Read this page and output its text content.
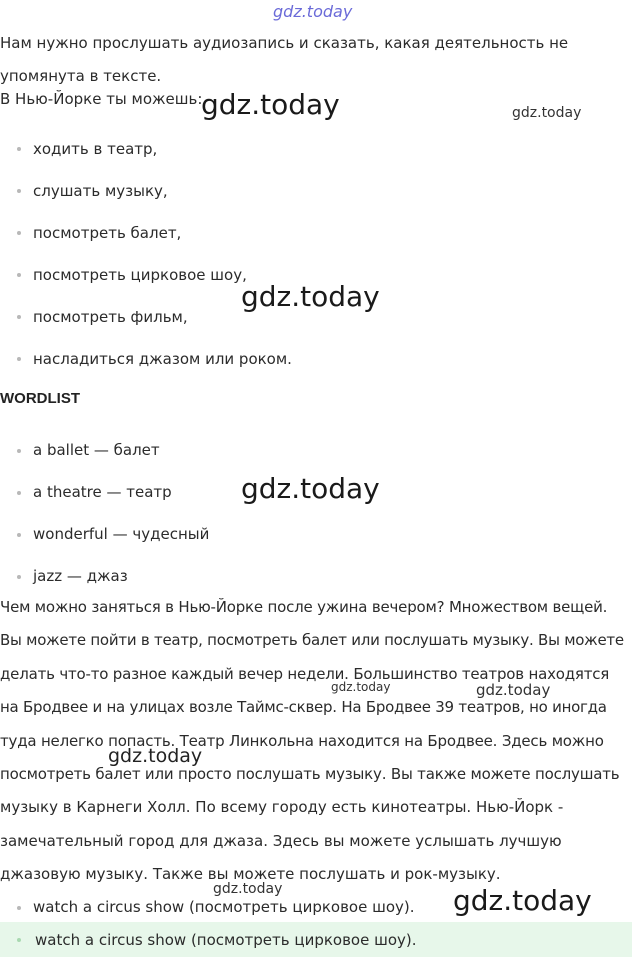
gdz.today
gdz.today	gdz.today
gdz.today
gdz.today
gdz.today	gdz.today
gdz.today
gdz.today	gdz.today
Нам нужно прослушать аудиозапись и сказать, какая деятельность не
упомянута в тексте.
В Нью-Йорке ты можешь:
ходить в театр,
слушать музыку,
посмотреть балет,
посмотреть цирковое шоу,
посмотреть фильм,
насладиться джазом или роком.
WORDLIST
a ballet — балет
a theatre — театр
wonderful — чудесный
jazz — джаз
Чем можно заняться в Нью-Йорке после ужина вечером? Множеством вещей.
Вы можете пойти в театр, посмотреть балет или послушать музыку. Вы можете
делать что-то разное каждый вечер недели. Большинство театров находятся
на Бродвее и на улицах возле Таймс-сквер. На Бродвее 39 театров, но иногда
туда нелегко попасть. Театр Линкольна находится на Бродвее. Здесь можно
посмотреть балет или просто послушать музыку. Вы также можете послушать
музыку в Карнеги Холл. По всему городу есть кинотеатры. Нью-Йорк -
замечательный город для джаза. Здесь вы можете услышать лучшую
джазовую музыку. Также вы можете послушать и рок-музыку.
watch a circus show (посмотреть цирковое шоу).
watch a circus show (посмотреть цирковое шоу).
